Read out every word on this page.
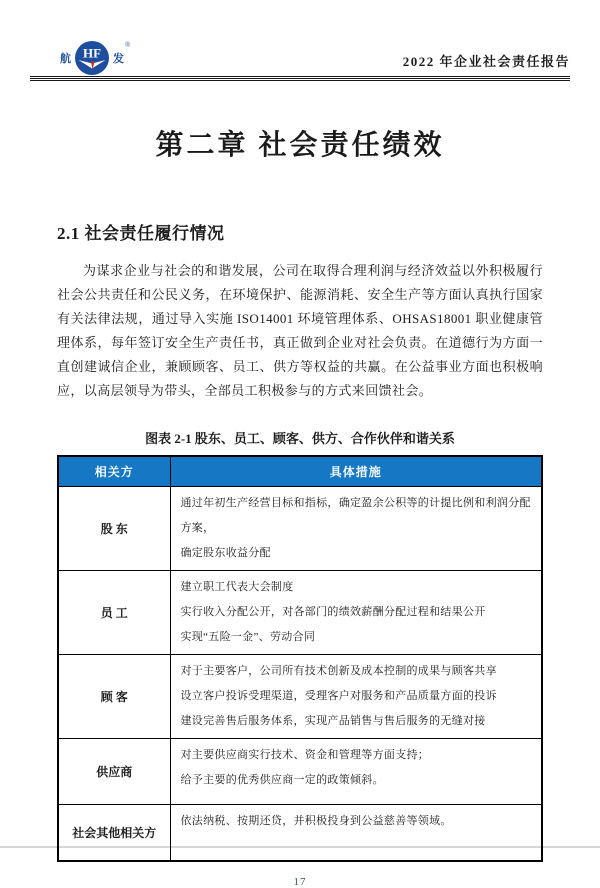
航 HF 发
®
2022 年企业社会责任报告
第二章 社会责任绩效
2.1 社会责任履行情况

为谋求企业与社会的和谐发展，公司在取得合理利润与经济效益以外积极履行社会公共责任和公民义务，在环境保护、能源消耗、安全生产等方面认真执行国家有关法律法规，通过导入实施 ISO14001 环境管理体系、OHSAS18001 职业健康管理体系，每年签订安全生产责任书，真正做到企业对社会负责。在道德行为方面一直创建诚信企业，兼顾顾客、员工、供方等权益的共赢。在公益事业方面也积极响应，以高层领导为带头，全部员工积极参与的方式来回馈社会。

图表 2-1 股东、员工、顾客、供方、合作伙伴和谐关系
相关方	具体措施
股 东	通过年初生产经营目标和指标，确定盈余公积等的计提比例和利润分配方案，
确定股东收益分配

员 工	建立职工代表大会制度
实行收入分配公开，对各部门的绩效薪酬分配过程和结果公开
实现“五险一金”、劳动合同

顾 客	对于主要客户，公司所有技术创新及成本控制的成果与顾客共享
设立客户投诉受理渠道，受理客户对服务和产品质量方面的投诉
建设完善售后服务体系，实现产品销售与售后服务的无缝对接

供应商	对主要供应商实行技术、资金和管理等方面支持；
给予主要的优秀供应商一定的政策倾斜。

社会其他相关方	依法纳税、按期还贷，并积极投身到公益慈善等领域。
17
